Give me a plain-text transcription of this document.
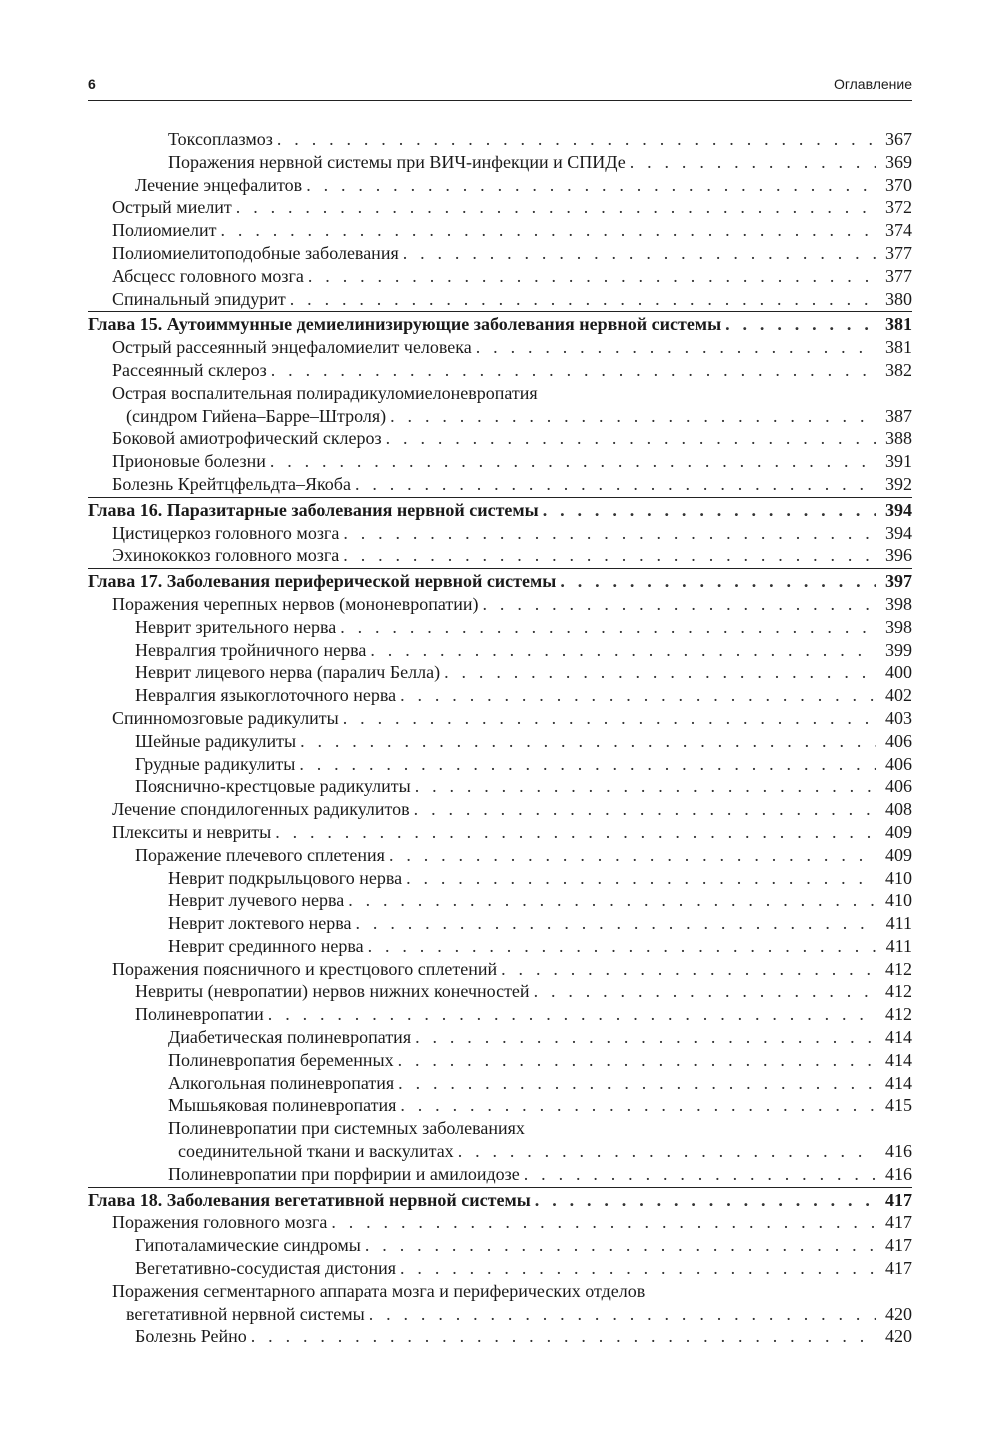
6	Оглавление
Токсоплазмоз . . .	367
Поражения нервной системы при ВИЧ-инфекции и СПИДе . . .	369
Лечение энцефалитов . . .	370
Острый миелит . . .	372
Полиомиелит . . .	374
Полиомиелитоподобные заболевания . . .	377
Абсцесс головного мозга . . .	377
Спинальный эпидурит . . .	380
Глава 15. Аутоиммунные демиелинизирующие заболевания нервной системы . . .	381
Острый рассеянный энцефаломиелит человека . . .	381
Рассеянный склероз . . .	382
Острая воспалительная полирадикуломиелоневропатия
(синдром Гийена–Барре–Штроля) . . .	387
Боковой амиотрофический склероз . . .	388
Прионовые болезни . . .	391
Болезнь Крейтцфельдта–Якоба . . .	392
Глава 16. Паразитарные заболевания нервной системы . . .	394
Цистицеркоз головного мозга . . .	394
Эхинококкоз головного мозга . . .	396
Глава 17. Заболевания периферической нервной системы . . .	397
Поражения черепных нервов (мононевропатии) . . .	398
Неврит зрительного нерва . . .	398
Невралгия тройничного нерва . . .	399
Неврит лицевого нерва (паралич Белла) . . .	400
Невралгия языкоглоточного нерва . . .	402
Спинномозговые радикулиты . . .	403
Шейные радикулиты . . .	406
Грудные радикулиты . . .	406
Пояснично-крестцовые радикулиты . . .	406
Лечение спондилогенных радикулитов . . .	408
Плекситы и невриты . . .	409
Поражение плечевого сплетения . . .	409
Неврит подкрыльцового нерва . . .	410
Неврит лучевого нерва . . .	410
Неврит локтевого нерва . . .	411
Неврит срединного нерва . . .	411
Поражения поясничного и крестцового сплетений . . .	412
Невриты (невропатии) нервов нижних конечностей . . .	412
Полиневропатии . . .	412
Диабетическая полиневропатия . . .	414
Полиневропатия беременных . . .	414
Алкогольная полиневропатия . . .	414
Мышьяковая полиневропатия . . .	415
Полиневропатии при системных заболеваниях
соединительной ткани и васкулитах . . .	416
Полиневропатии при порфирии и амилоидозе . . .	416
Глава 18. Заболевания вегетативной нервной системы . . .	417
Поражения головного мозга . . .	417
Гипоталамические синдромы . . .	417
Вегетативно-сосудистая дистония . . .	417
Поражения сегментарного аппарата мозга и периферических отделов
вегетативной нервной системы . . .	420
Болезнь Рейно . . .	420
